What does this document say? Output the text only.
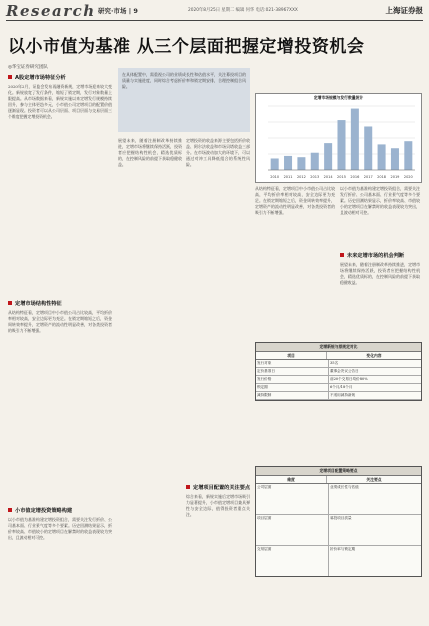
Research 研究·市场 | 9	2020年8月25日 星期二 编辑 何华 电话:021-38967XXX	上海证券报
以小市值为基准 从三个层面把握定增投资机会
◎华宝证券研究团队
A股定增市场特征分析
2020年2月，证监会发布再融资新规，定增市场迎来较大变化。新规放宽了发行条件，缩短了锁定期，发行对象数量上限提高。从市场数据来看，新规实施以来定增发行规模持续回升，参与主体更趋多元，小市值公司定增项目的配置价值逐渐显现。投资者可以从公司层面、项目层面与交易层面三个维度把握定增投资机会。
定增市场结构性特征
从结构特征看，定增项目中小市值公司占比较高，平均折价率相对较高，安全边际更为充足。在锁定期缩短之后，资金周转效率提升，定增资产的流动性明显改善，对各类投资者的吸引力不断增强。
小市值定增投资策略构建
以小市值为基准构建定增投资组合，需要关注发行折价、公司基本面、行业景气度等多个要素。历史回测结果显示，折价率较高、市值较小的定增项目在解禁时的收益表现较为突出，且波动相对可控。
在具体配置中，需重视公司的业绩成长性和估值水平，关注募投项目的质量与实施进度，同时综合考虑折价率和锁定期安排，合理控制组合风险。
展望未来，随着注册制改革持续推进，定增市场将继续保持活跃，投资者应把握结构性机会，精选优质标的，在控制风险的前提下获取稳健收益。
定增投资的收益来源主要包括折价收益、阿尔法收益和市场贝塔收益三部分。在市场波动加大的环境下，可以通过对冲工具降低组合的系统性风险。
定增项目配置的关注要点
综合来看，新规实施后定增市场吸引力显著提升，小市值定增项目兼具弹性与安全边际，值得投资者重点关注。
定增市场规模与发行数量统计
2010 2011 2012 2013 2014 2015 2016 2017 2018 2019 2020
从结构特征看，定增项目中小市值公司占比较高，平均折价率相对较高，安全边际更为充足。在锁定期缩短之后，资金周转效率提升，定增资产的流动性明显改善，对各类投资者的吸引力不断增强。
以小市值为基准构建定增投资组合，需要关注发行折价、公司基本面、行业景气度等多个要素。历史回测结果显示，折价率较高、市值较小的定增项目在解禁时的收益表现较为突出，且波动相对可控。
未来定增市场的机会判断
展望未来，随着注册制改革持续推进，定增市场将继续保持活跃，投资者应把握结构性机会，精选优质标的，在控制风险的前提下获取稳健收益。
定增新规与原规定对比
项目	变化内容
发行对象	35名
定价基准日	董事会决议公告日
发行价格	前20个交易日均价80%
锁定期	6个月/18个月
减持限制	不适用减持新规
定增项目配置策略要点
维度	关注要点
公司层面	业绩成长性与估值
项目层面	募投项目质量
交易层面	折价率与锁定期
